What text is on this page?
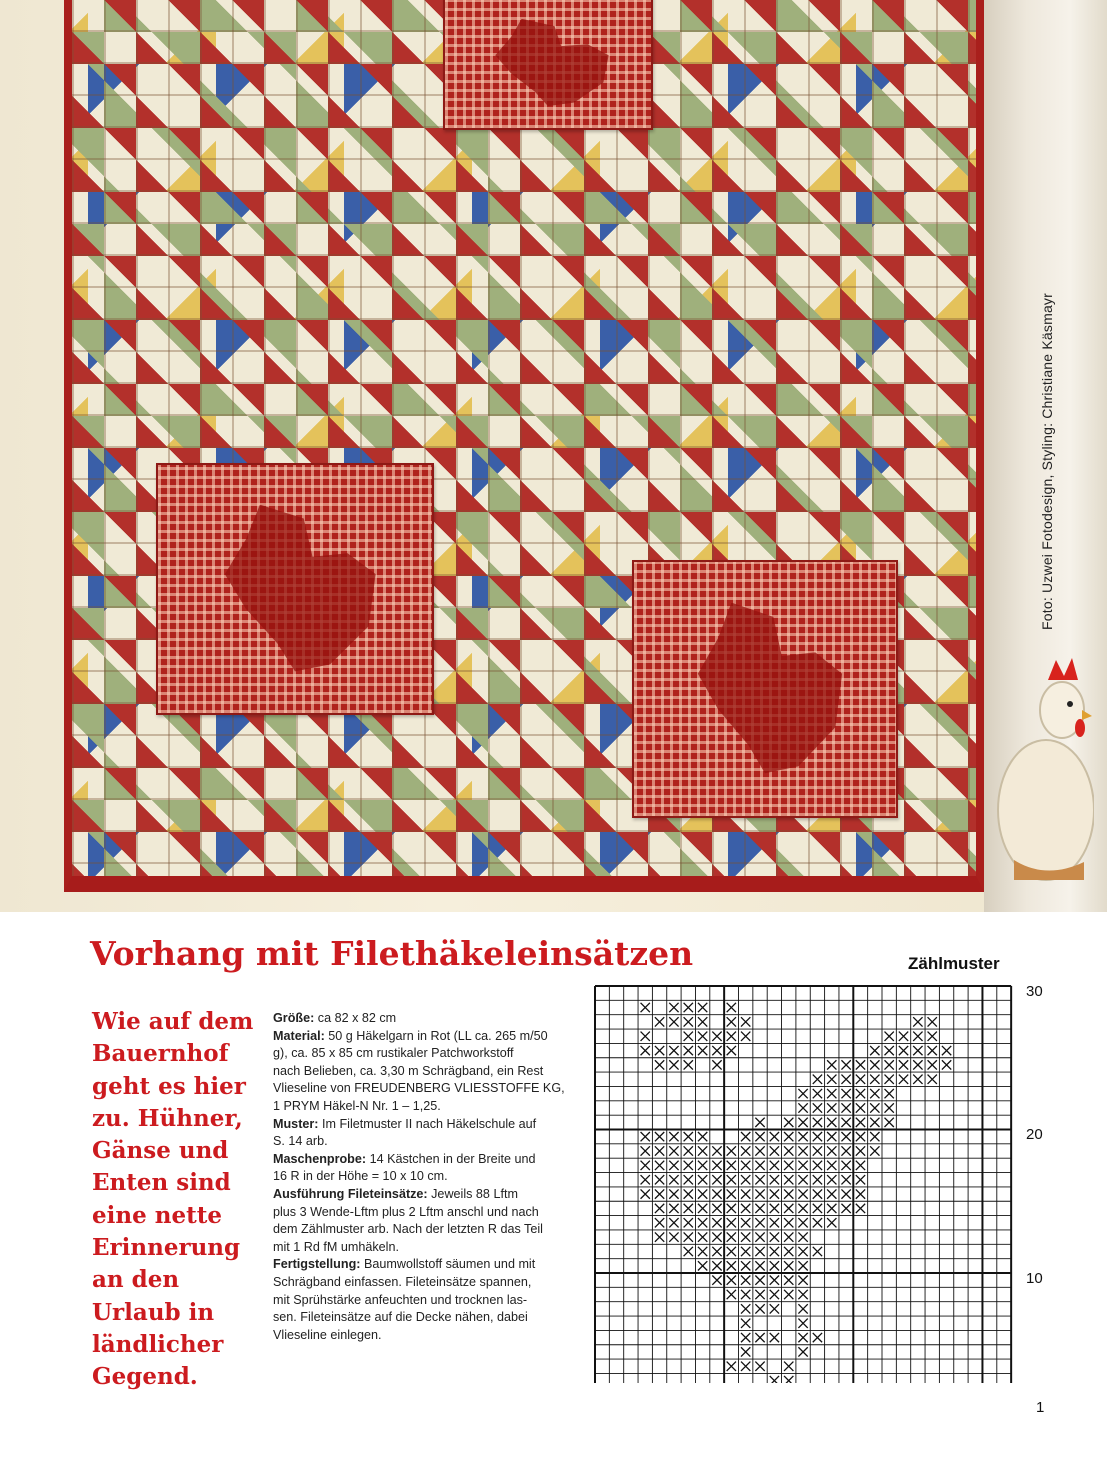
Foto: Uzwei Fotodesign, Styling: Christiane Käsmayr
Vorhang mit Filethäkeleinsätzen
Wie auf dem
Bauernhof
geht es hier
zu. Hühner,
Gänse und
Enten sind
eine nette
Erinnerung
an den
Urlaub in
ländlicher
Gegend.
Größe: ca 82 x 82 cm
Material: 50 g Häkelgarn in Rot (LL ca. 265 m/50
g), ca. 85 x 85 cm rustikaler Patchworkstoff
nach Belieben, ca. 3,30 m Schrägband, ein Rest
Vlieseline von FREUDENBERG VLIESSTOFFE KG,
1 PRYM Häkel-N Nr. 1 – 1,25.
Muster: Im Filetmuster II nach Häkelschule auf
S. 14 arb.
Maschenprobe: 14 Kästchen in der Breite und
16 R in der Höhe = 10 x 10 cm.
Ausführung Fileteinsätze: Jeweils 88 Lftm
plus 3 Wende-Lftm plus 2 Lftm anschl und nach
dem Zählmuster arb. Nach der letzten R das Teil
mit 1 Rd fM umhäkeln.
Fertigstellung: Baumwollstoff säumen und mit
Schrägband einfassen. Fileteinsätze spannen,
mit Sprühstärke anfeuchten und trocknen las-
sen. Fileteinsätze auf die Decke nähen, dabei
Vlieseline einlegen.
Zählmuster
30
20
10
1
